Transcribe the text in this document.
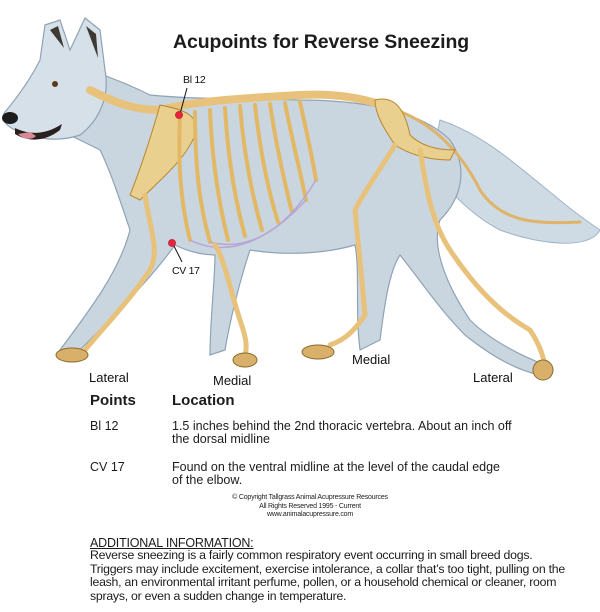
Acupoints for Reverse Sneezing
Bl 12
CV 17
Lateral	Medial
Medial
Lateral
Points Location
Bl 12	1.5 inches behind the 2nd thoracic vertebra. About an inch off
the dorsal midline
CV 17	Found on the ventral midline at the level of the caudal edge
of the elbow.
© Copyright Tallgrass Animal Acupressure Resources
All Rights Reserved 1995 - Current
www.animalacupressure.com
ADDITIONAL INFORMATION:
Reverse sneezing is a fairly common respiratory event occurring in small breed dogs.
Triggers may include excitement, exercise intolerance, a collar that’s too tight, pulling on the
leash, an environmental irritant perfume, pollen, or a household chemical or cleaner, room
sprays, or even a sudden change in temperature.
